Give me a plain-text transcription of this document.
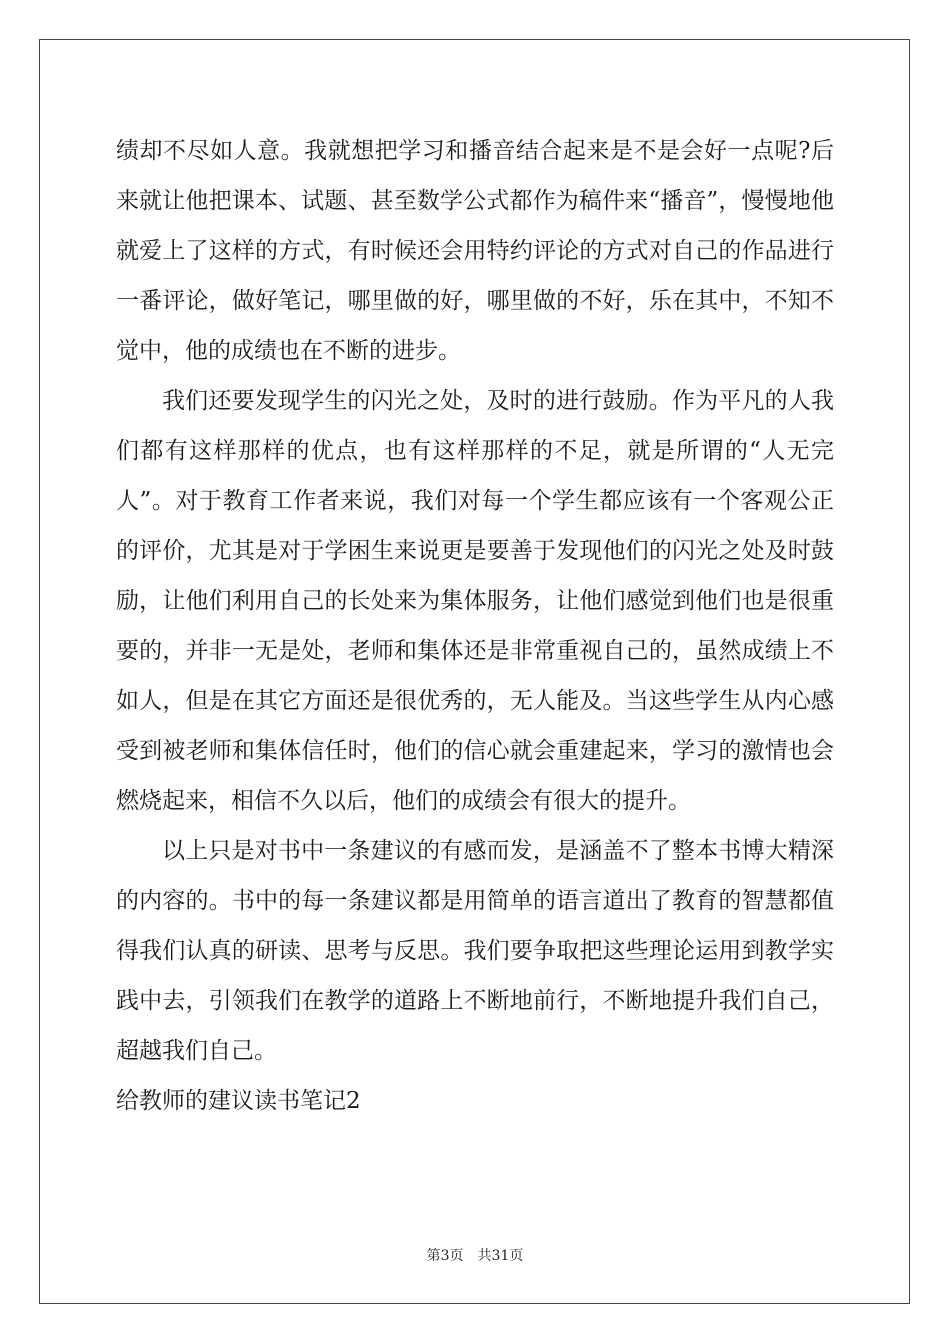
绩却不尽如人意。我就想把学习和播音结合起来是不是会好一点呢?后来就让他把课本、试题、甚至数学公式都作为稿件来“播音”，慢慢地他就爱上了这样的方式，有时候还会用特约评论的方式对自己的作品进行一番评论，做好笔记，哪里做的好，哪里做的不好，乐在其中，不知不觉中，他的成绩也在不断的进步。

我们还要发现学生的闪光之处，及时的进行鼓励。作为平凡的人我们都有这样那样的优点，也有这样那样的不足，就是所谓的“人无完人”。对于教育工作者来说，我们对每一个学生都应该有一个客观公正的评价，尤其是对于学困生来说更是要善于发现他们的闪光之处及时鼓励，让他们利用自己的长处来为集体服务，让他们感觉到他们也是很重要的，并非一无是处，老师和集体还是非常重视自己的，虽然成绩上不如人，但是在其它方面还是很优秀的，无人能及。当这些学生从内心感受到被老师和集体信任时，他们的信心就会重建起来，学习的激情也会燃烧起来，相信不久以后，他们的成绩会有很大的提升。

以上只是对书中一条建议的有感而发，是涵盖不了整本书博大精深的内容的。书中的每一条建议都是用简单的语言道出了教育的智慧都值得我们认真的研读、思考与反思。我们要争取把这些理论运用到教学实践中去，引领我们在教学的道路上不断地前行，不断地提升我们自己，超越我们自己。

给教师的建议读书笔记2

第3页 共31页
